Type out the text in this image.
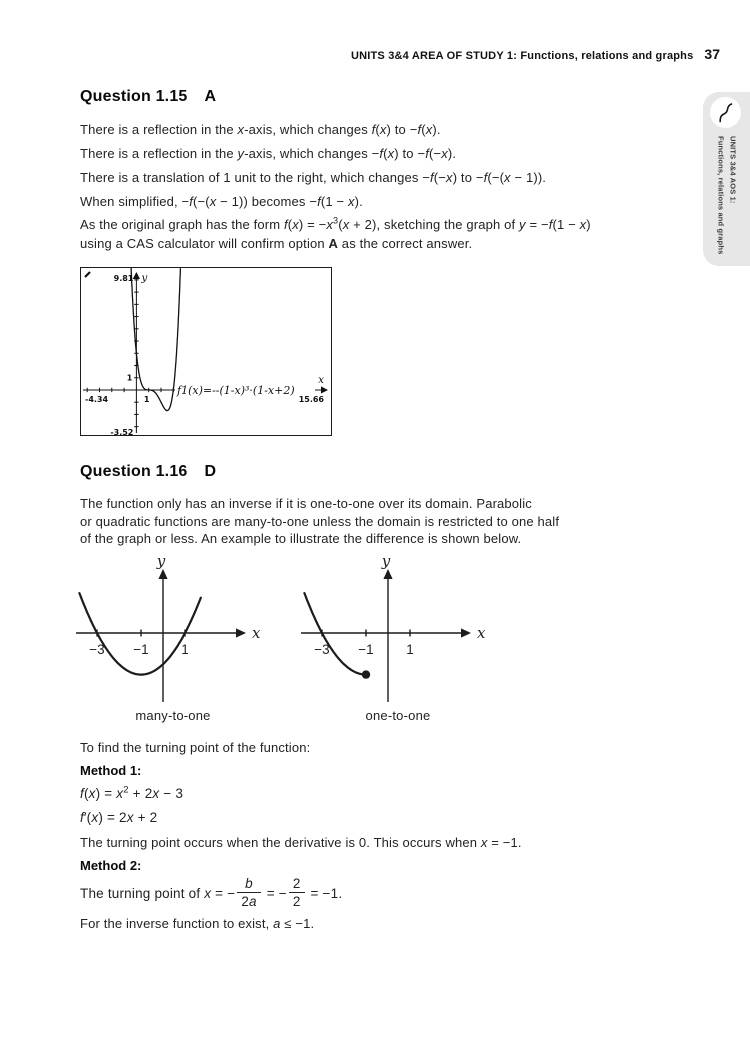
UNITS 3&4 AREA OF STUDY 1: Functions, relations and graphs 37
UNITS 3&4 AOS 1:
Functions, relations and graphs
Question 1.15 A
There is a reflection in the x-axis, which changes f(x) to −f(x).
There is a reflection in the y-axis, which changes −f(x) to −f(−x).
There is a translation of 1 unit to the right, which changes −f(−x) to −f(−(x − 1)).
When simplified, −f(−(x − 1)) becomes −f(1 − x).
As the original graph has the form $f(x) = -x^3(x + 2)$, sketching the graph of y = −f(1 − x)
using a CAS calculator will confirm option A as the correct answer.
f1(x)=--(1-x)³·(1-x+2)
9.81
-3.52
-4.34	15.66
1
1
y
x
Question 1.16 D
The function only has an inverse if it is one-to-one over its domain. Parabolic
or quadratic functions are many-to-one unless the domain is restricted to one half
of the graph or less. An example to illustrate the difference is shown below.
−3 −1 1
x
y
−3 −1 1
x
y
many-to-one	one-to-one
To find the turning point of the function:
Method 1:
$f(x) = x^2 + 2x - 3$
f′(x) = 2x + 2
The turning point occurs when the derivative is 0. This occurs when x = −1.
Method 2:
The turning point of x = − $\frac{b}{2a}$ = − $\frac{2}{2} = -1$.
For the inverse function to exist, a ≤ −1.
